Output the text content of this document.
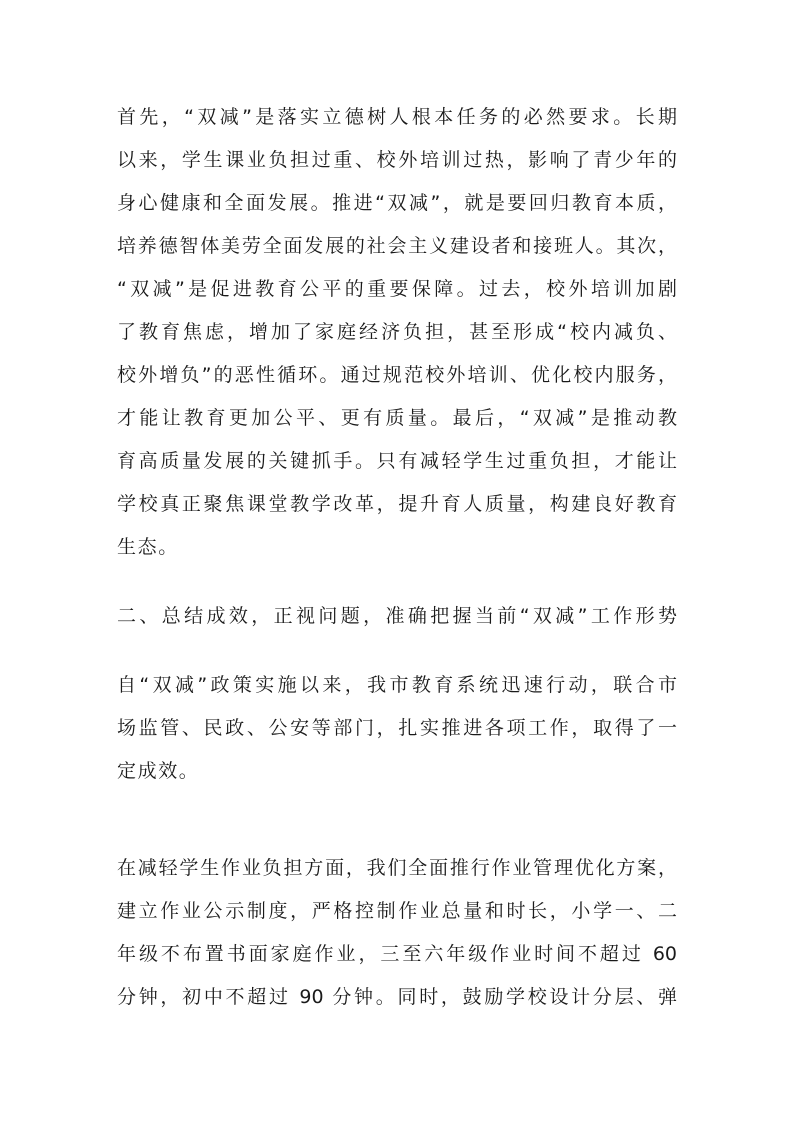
首先，“双减”是落实立德树人根本任务的必然要求。长期

以来，学生课业负担过重、校外培训过热，影响了青少年的

身心健康和全面发展。推进“双减”，就是要回归教育本质，

培养德智体美劳全面发展的社会主义建设者和接班人。其次，

“双减”是促进教育公平的重要保障。过去，校外培训加剧

了教育焦虑，增加了家庭经济负担，甚至形成“校内减负、

校外增负”的恶性循环。通过规范校外培训、优化校内服务，

才能让教育更加公平、更有质量。最后，“双减”是推动教

育高质量发展的关键抓手。只有减轻学生过重负担，才能让

学校真正聚焦课堂教学改革，提升育人质量，构建良好教育

生态。

二、总结成效，正视问题，准确把握当前“双减”工作形势

自“双减”政策实施以来，我市教育系统迅速行动，联合市

场监管、民政、公安等部门，扎实推进各项工作，取得了一

定成效。

在减轻学生作业负担方面，我们全面推行作业管理优化方案，

建立作业公示制度，严格控制作业总量和时长，小学一、二

年级不布置书面家庭作业，三至六年级作业时间不超过 60

分钟，初中不超过 90 分钟。同时，鼓励学校设计分层、弹
